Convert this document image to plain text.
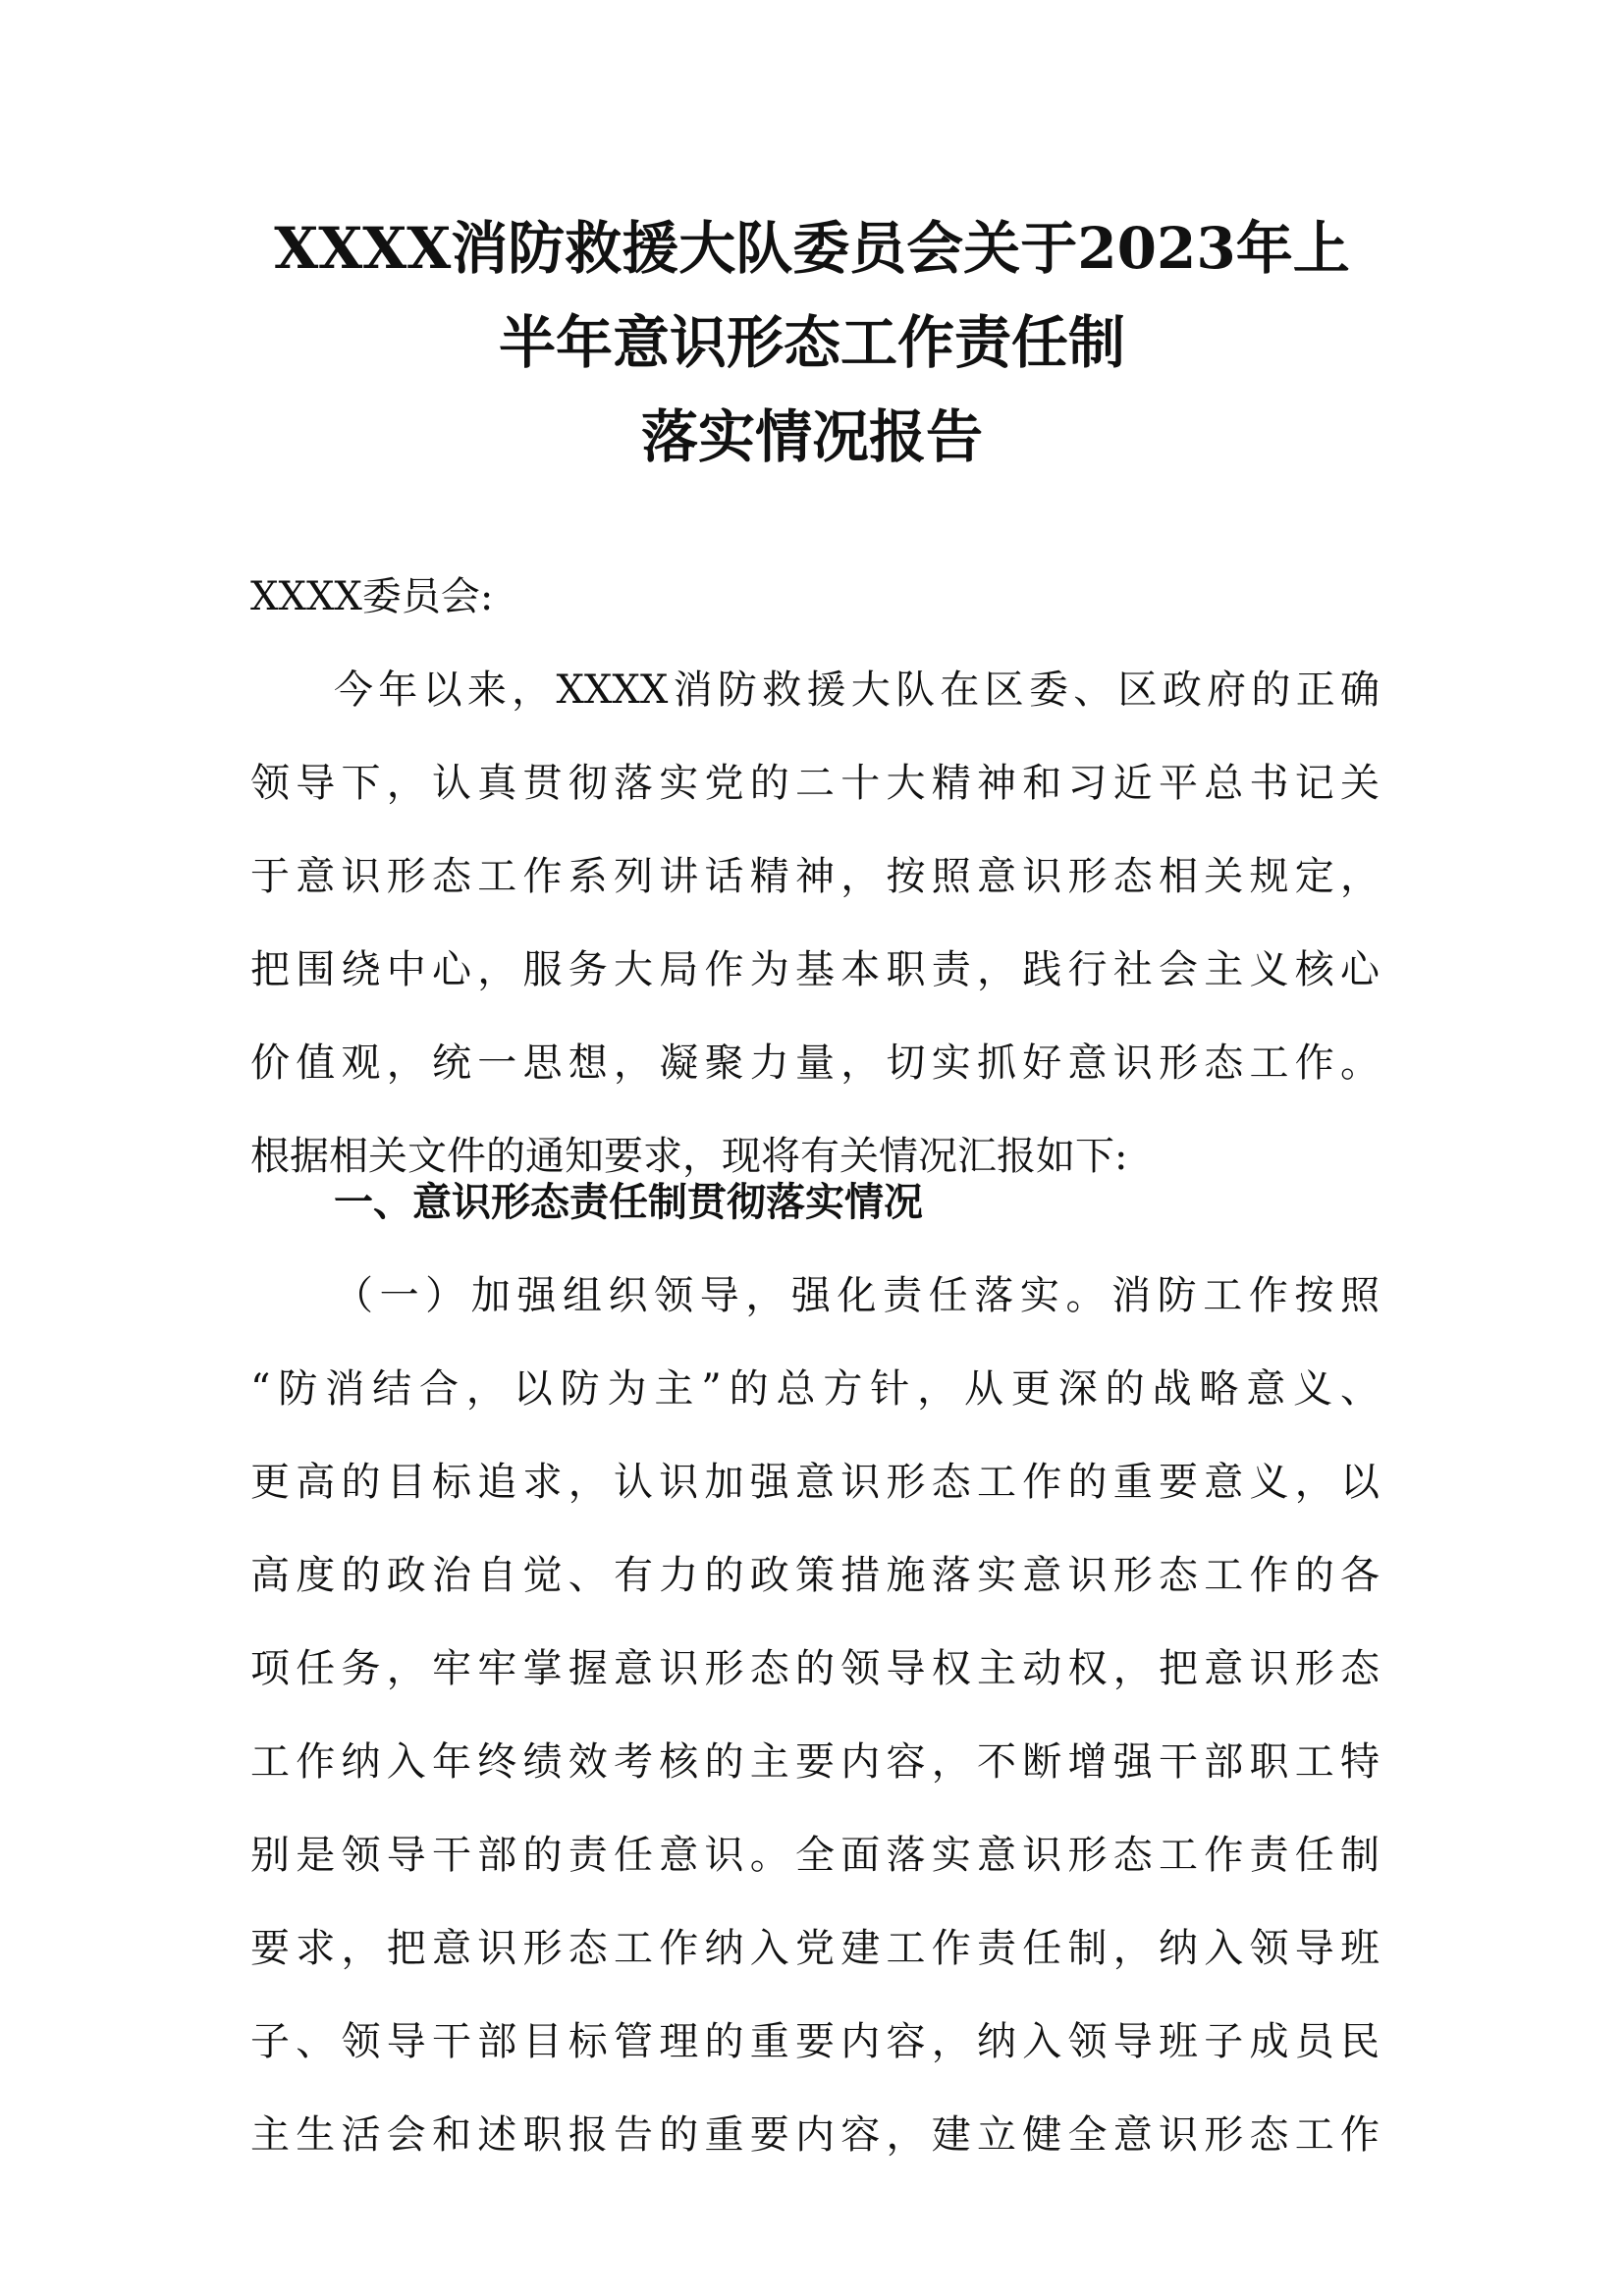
XXXX消防救援大队委员会关于2023年上
半年意识形态工作责任制
落实情况报告

XXXX委员会:

今年以来，XXXX消防救援大队在区委、区政府的正确

领导下，认真贯彻落实党的二十大精神和习近平总书记关

于意识形态工作系列讲话精神，按照意识形态相关规定，

把围绕中心，服务大局作为基本职责，践行社会主义核心

价值观，统一思想，凝聚力量，切实抓好意识形态工作。

根据相关文件的通知要求，现将有关情况汇报如下:

一、意识形态责任制贯彻落实情况

（一）加强组织领导，强化责任落实。消防工作按照

“防消结合，以防为主”的总方针，从更深的战略意义、

更高的目标追求，认识加强意识形态工作的重要意义，以

高度的政治自觉、有力的政策措施落实意识形态工作的各

项任务，牢牢掌握意识形态的领导权主动权，把意识形态

工作纳入年终绩效考核的主要内容，不断增强干部职工特

别是领导干部的责任意识。全面落实意识形态工作责任制

要求，把意识形态工作纳入党建工作责任制，纳入领导班

子、领导干部目标管理的重要内容，纳入领导班子成员民

主生活会和述职报告的重要内容，建立健全意识形态工作
